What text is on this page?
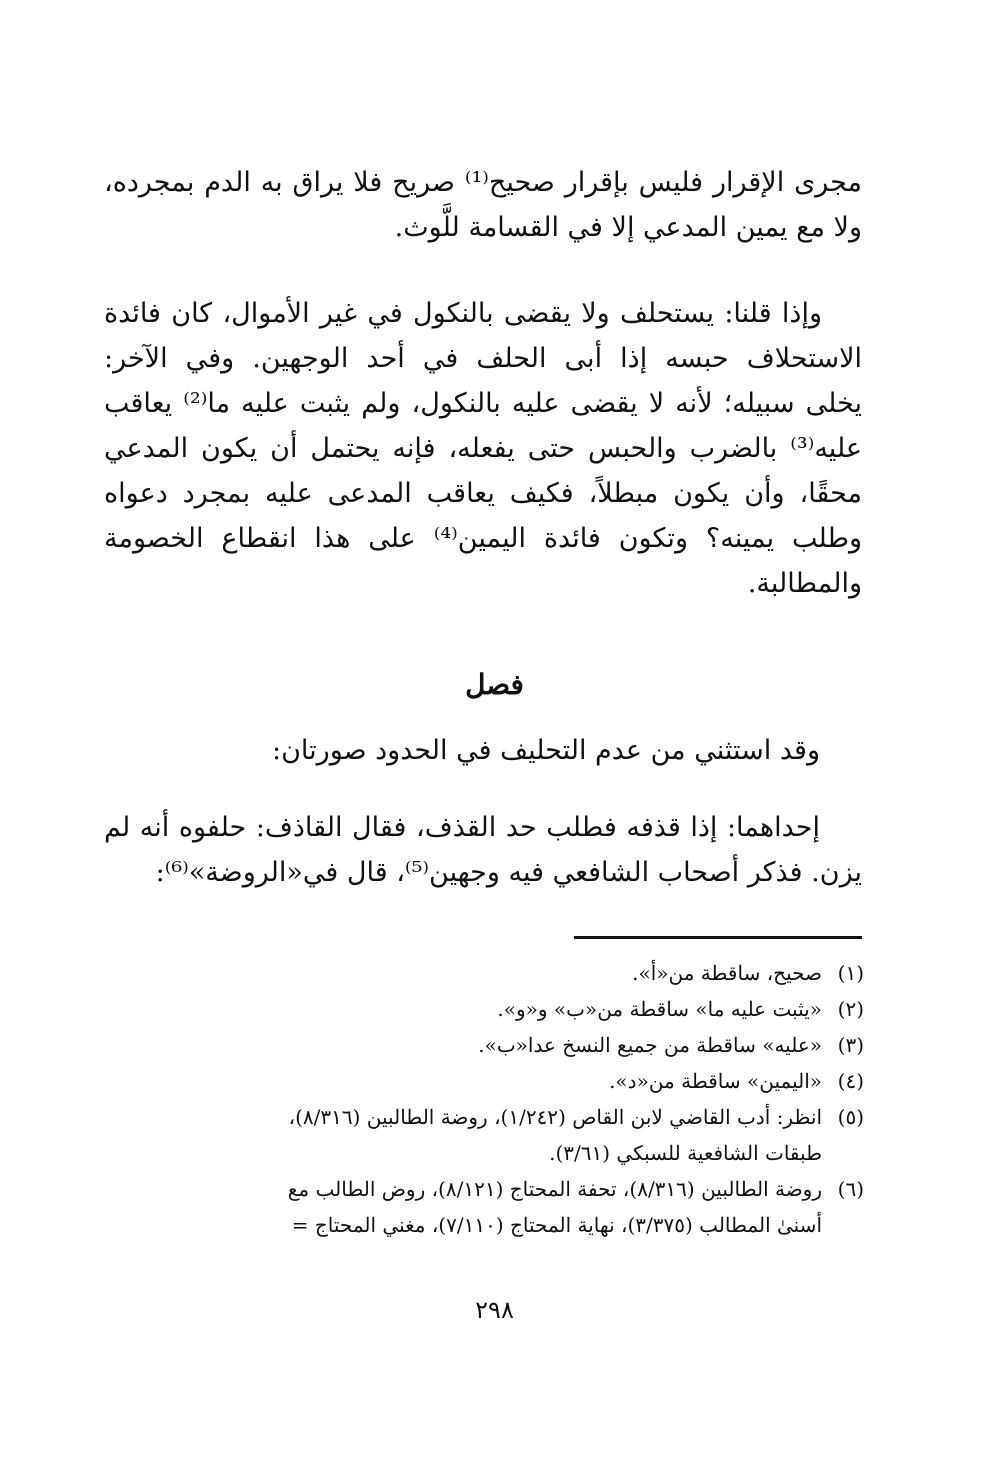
مجرى الإقرار فليس بإقرار صحيح⁽¹⁾ صريح فلا يراق به الدم بمجرده،
ولا مع يمين المدعي إلا في القسامة للَّوث.
وإذا قلنا: يستحلف ولا يقضى بالنكول في غير الأموال، كان فائدة
الاستحلاف حبسه إذا أبى الحلف في أحد الوجهين. وفي الآخر:
يخلى سبيله؛ لأنه لا يقضى عليه بالنكول، ولم يثبت عليه ما⁽²⁾ يعاقب
عليه⁽³⁾ بالضرب والحبس حتى يفعله، فإنه يحتمل أن يكون المدعي
محقًا، وأن يكون مبطلاً، فكيف يعاقب المدعى عليه بمجرد دعواه
وطلب يمينه؟ وتكون فائدة اليمين⁽⁴⁾ على هذا انقطاع الخصومة
والمطالبة.
فصل
وقد استثني من عدم التحليف في الحدود صورتان:
إحداهما: إذا قذفه فطلب حد القذف، فقال القاذف: حلفوه أنه لم
يزن. فذكر أصحاب الشافعي فيه وجهين⁽⁵⁾، قال في«الروضة»⁽⁶⁾:
(١)
صحيح، ساقطة من«أ».
(٢)
«يثبت عليه ما» ساقطة من«ب» و«و».
(٣)
«عليه» ساقطة من جميع النسخ عدا«ب».
(٤)
«اليمين» ساقطة من«د».
(٥)
انظر: أدب القاضي لابن القاص (١/٢٤٢)، روضة الطالبين (٨/٣١٦)،
طبقات الشافعية للسبكي (٣/٦١).
(٦)
روضة الطالبين (٨/٣١٦)، تحفة المحتاج (٨/١٢١)، روض الطالب مع
أسنىٰ المطالب (٣/٣٧٥)، نهاية المحتاج (٧/١١٠)، مغني المحتاج =
٢٩٨
